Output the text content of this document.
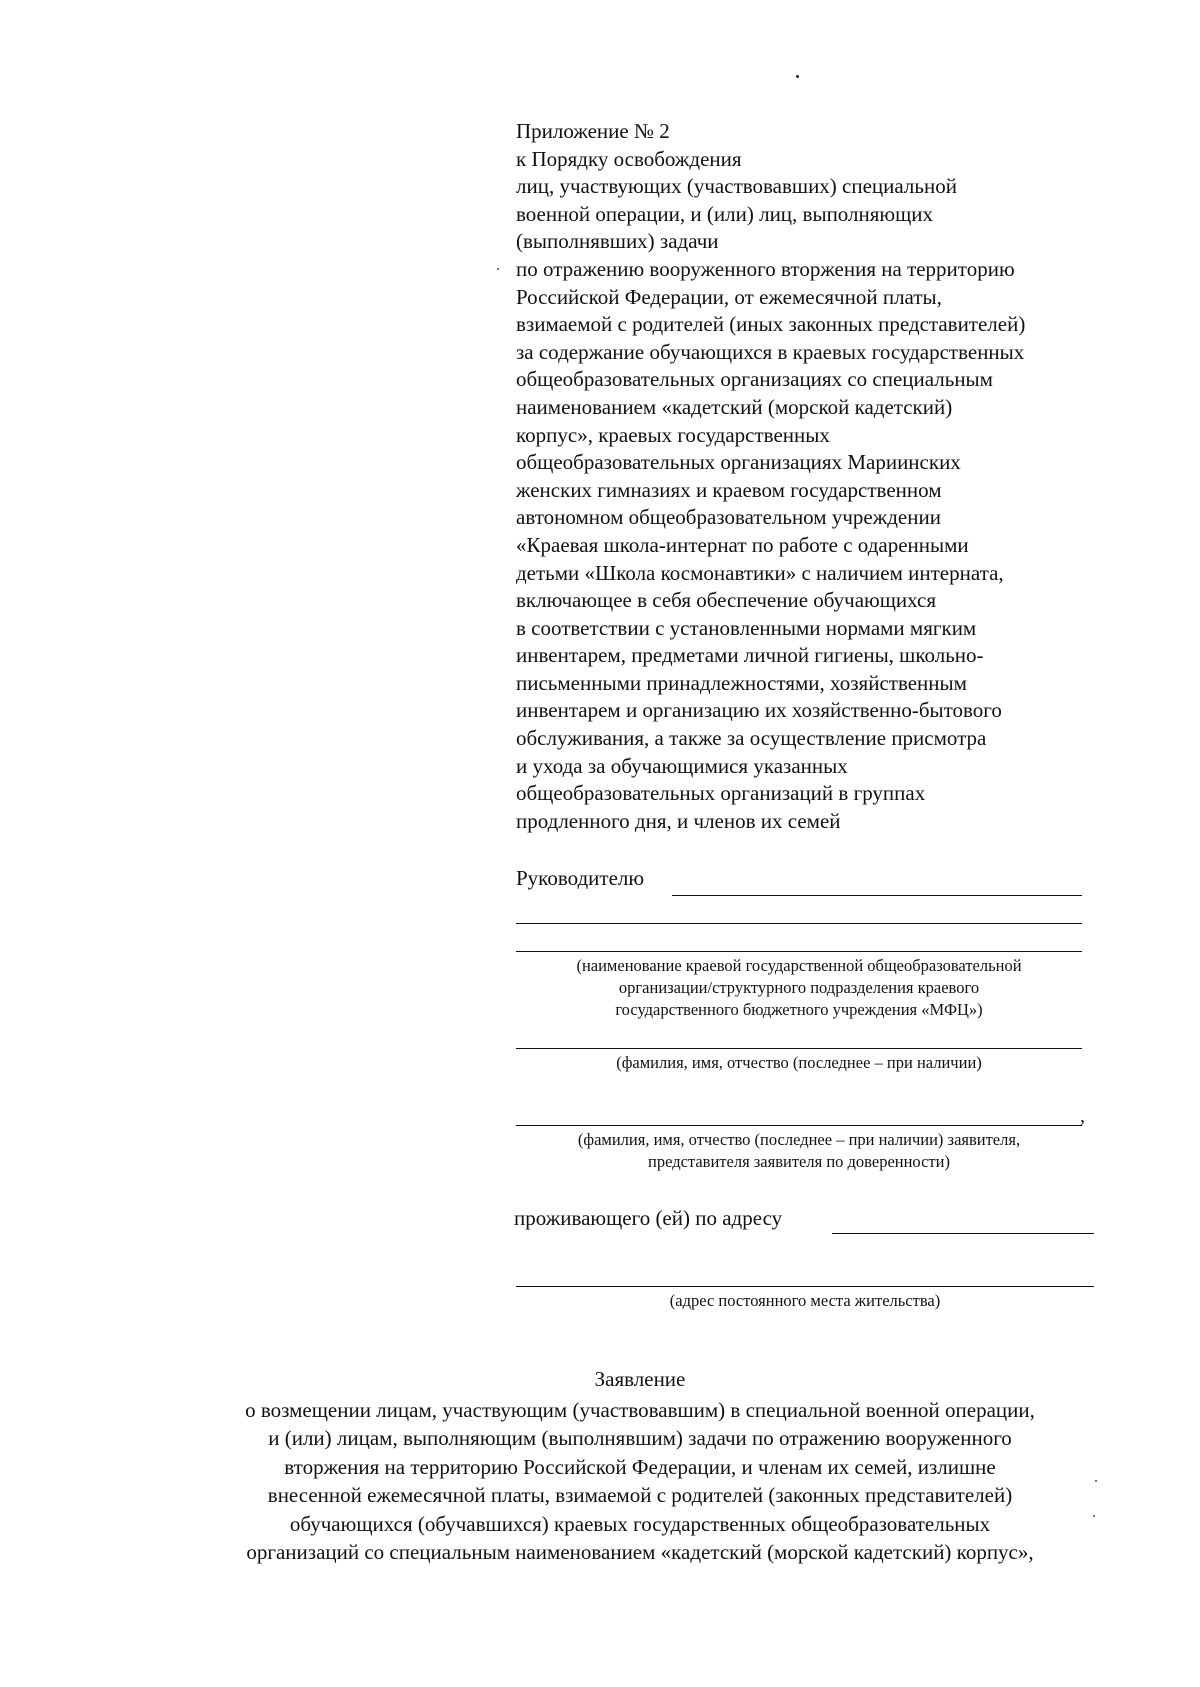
Приложение № 2
к Порядку освобождения
лиц, участвующих (участвовавших) специальной
военной операции, и (или) лиц, выполняющих
(выполнявших) задачи
по отражению вооруженного вторжения на территорию
Российской Федерации, от ежемесячной платы,
взимаемой с родителей (иных законных представителей)
за содержание обучающихся в краевых государственных
общеобразовательных организациях со специальным
наименованием «кадетский (морской кадетский)
корпус», краевых государственных
общеобразовательных организациях Мариинских
женских гимназиях и краевом государственном
автономном общеобразовательном учреждении
«Краевая школа-интернат по работе с одаренными
детьми «Школа космонавтики» с наличием интерната,
включающее в себя обеспечение обучающихся
в соответствии с установленными нормами мягким
инвентарем, предметами личной гигиены, школьно-
письменными принадлежностями, хозяйственным
инвентарем и организацию их хозяйственно-бытового
обслуживания, а также за осуществление присмотра
и ухода за обучающимися указанных
общеобразовательных организаций в группах
продленного дня, и членов их семей
Руководителю
(наименование краевой государственной общеобразовательной
организации/структурного подразделения краевого
государственного бюджетного учреждения «МФЦ»)
(фамилия, имя, отчество (последнее – при наличии)
,
(фамилия, имя, отчество (последнее – при наличии) заявителя,
представителя заявителя по доверенности)
проживающего (ей) по адресу
(адрес постоянного места жительства)
Заявление
о возмещении лицам, участвующим (участвовавшим) в специальной военной операции,
и (или) лицам, выполняющим (выполнявшим) задачи по отражению вооруженного
вторжения на территорию Российской Федерации, и членам их семей, излишне
внесенной ежемесячной платы, взимаемой с родителей (законных представителей)
обучающихся (обучавшихся) краевых государственных общеобразовательных
организаций со специальным наименованием «кадетский (морской кадетский) корпус»,
